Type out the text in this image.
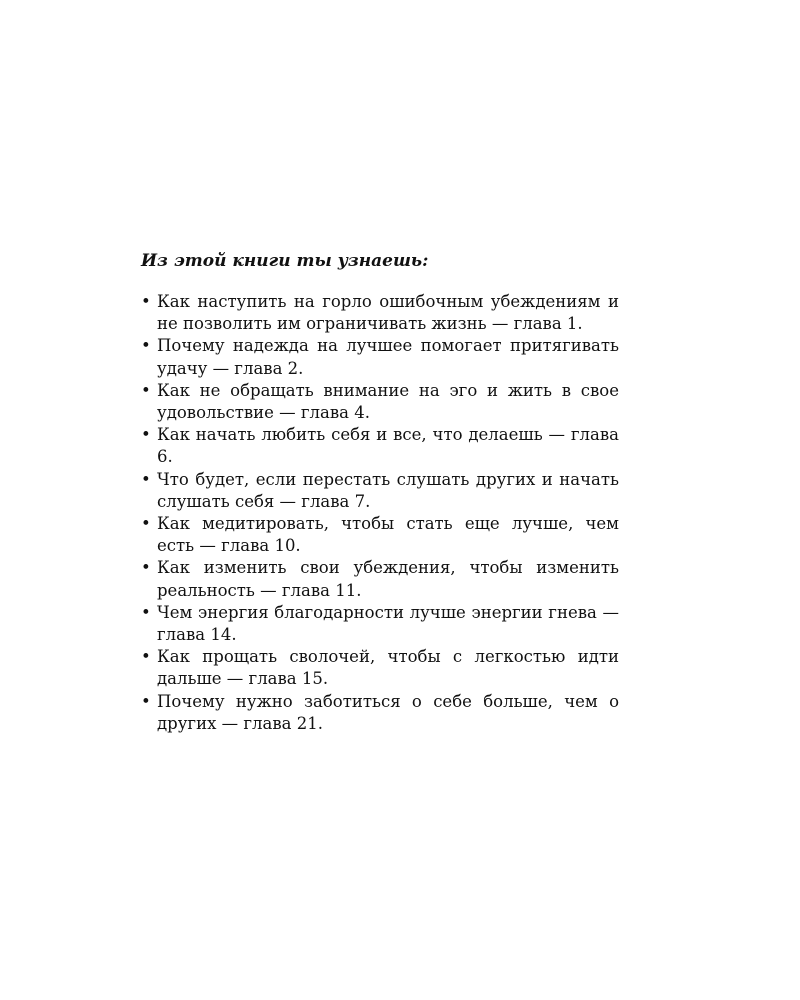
Из этой книги ты узнаешь:
• Как наступить на горло ошибочным убеждениям и не позволить им ограничивать жизнь — глава 1.
• Почему надежда на лучшее помогает притягивать удачу — глава 2.
• Как не обращать внимание на эго и жить в свое удовольствие — глава 4.
• Как начать любить себя и все, что делаешь — глава 6.
• Что будет, если перестать слушать других и начать слушать себя — глава 7.
• Как медитировать, чтобы стать еще лучше, чем есть — глава 10.
• Как изменить свои убеждения, чтобы изменить реальность — глава 11.
• Чем энергия благодарности лучше энергии гнева — глава 14.
• Как прощать сволочей, чтобы с легкостью идти дальше — глава 15.
• Почему нужно заботиться о себе больше, чем о других — глава 21.
